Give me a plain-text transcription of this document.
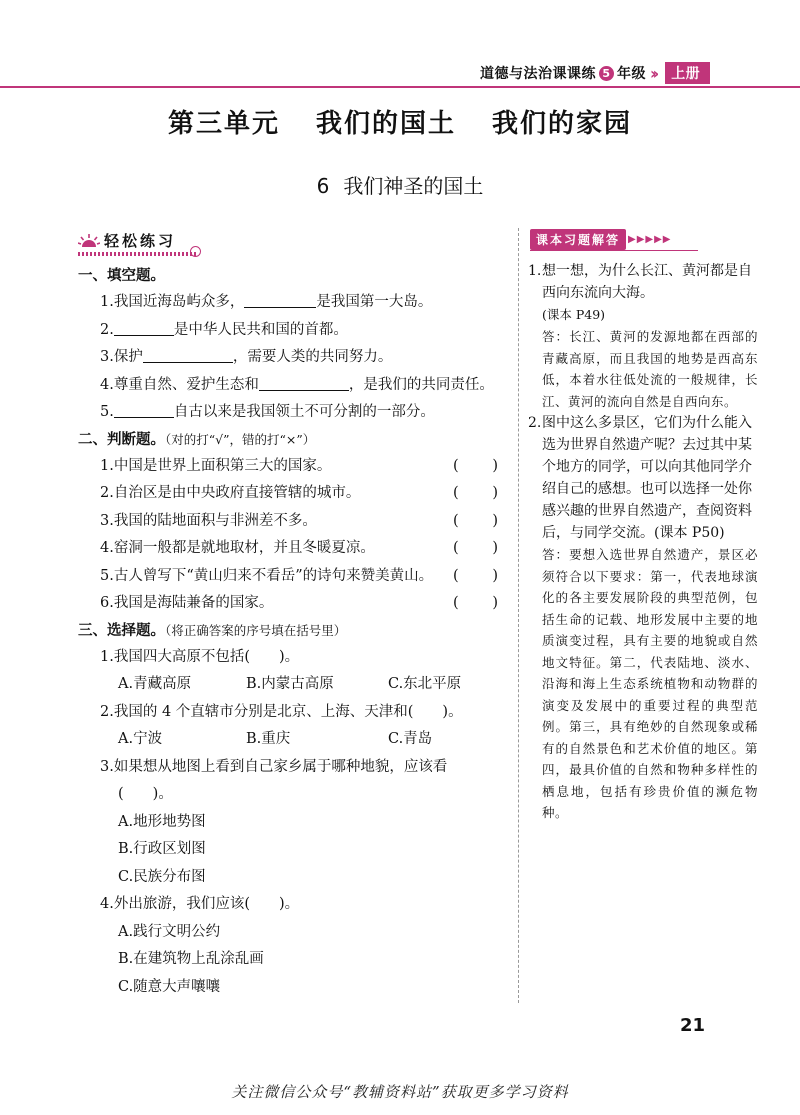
道德与法治课课练 5 年级 ››	上册
第三单元 我们的国土 我们的家园
6 我们神圣的国土
轻松练习
一、填空题。
1.我国近海岛屿众多，	是我国第一大岛。
2.	是中华人民共和国的首都。
3.保护	，需要人类的共同努力。
4.尊重自然、爱护生态和	，是我们的共同责任。
5.	自古以来是我国领土不可分割的一部分。
二、判断题。（对的打“√”，错的打“×”）
1.中国是世界上面积第三大的国家。
2.自治区是由中央政府直接管辖的城市。
3.我国的陆地面积与非洲差不多。
4.窑洞一般都是就地取材，并且冬暖夏凉。
5.古人曾写下“黄山归来不看岳”的诗句来赞美黄山。
6.我国是海陆兼备的国家。
三、选择题。（将正确答案的序号填在括号里）
1.我国四大高原不包括(　　)。
A.青藏高原	B.内蒙古高原	C.东北平原
2.我国的 4 个直辖市分别是北京、上海、天津和(　　)。
A.宁波	B.重庆	C.青岛
3.如果想从地图上看到自己家乡属于哪种地貌，应该看
(　　)。
A.地形地势图
B.行政区划图
C.民族分布图
4.外出旅游，我们应该(　　)。
A.践行文明公约
B.在建筑物上乱涂乱画
C.随意大声嚷嚷
课本习题解答 ▶▶▶▶▶
1. 想一想，为什么长江、黄河都是自西向东流向大海。

(课本 P49)

答：长江、黄河的发源地都在西部的青藏高原，而且我国的地势是西高东低，本着水往低处流的一般规律，长江、黄河的流向自然是自西向东。

2. 图中这么多景区，它们为什么能入选为世界自然遗产呢？去过其中某个地方的同学，可以向其他同学介绍自己的感想。也可以选择一处你感兴趣的世界自然遗产，查阅资料后，与同学交流。(课本 P50)

答：要想入选世界自然遗产，景区必须符合以下要求：第一，代表地球演化的各主要发展阶段的典型范例，包括生命的记载、地形发展中主要的地质演变过程，具有主要的地貌或自然地文特征。第二，代表陆地、淡水、沿海和海上生态系统植物和动物群的演变及发展中的重要过程的典型范例。第三，具有绝妙的自然现象或稀有的自然景色和艺术价值的地区。第四，最具价值的自然和物种多样性的栖息地，包括有珍贵价值的濒危物种。

21
关注微信公众号“教辅资料站”获取更多学习资料
